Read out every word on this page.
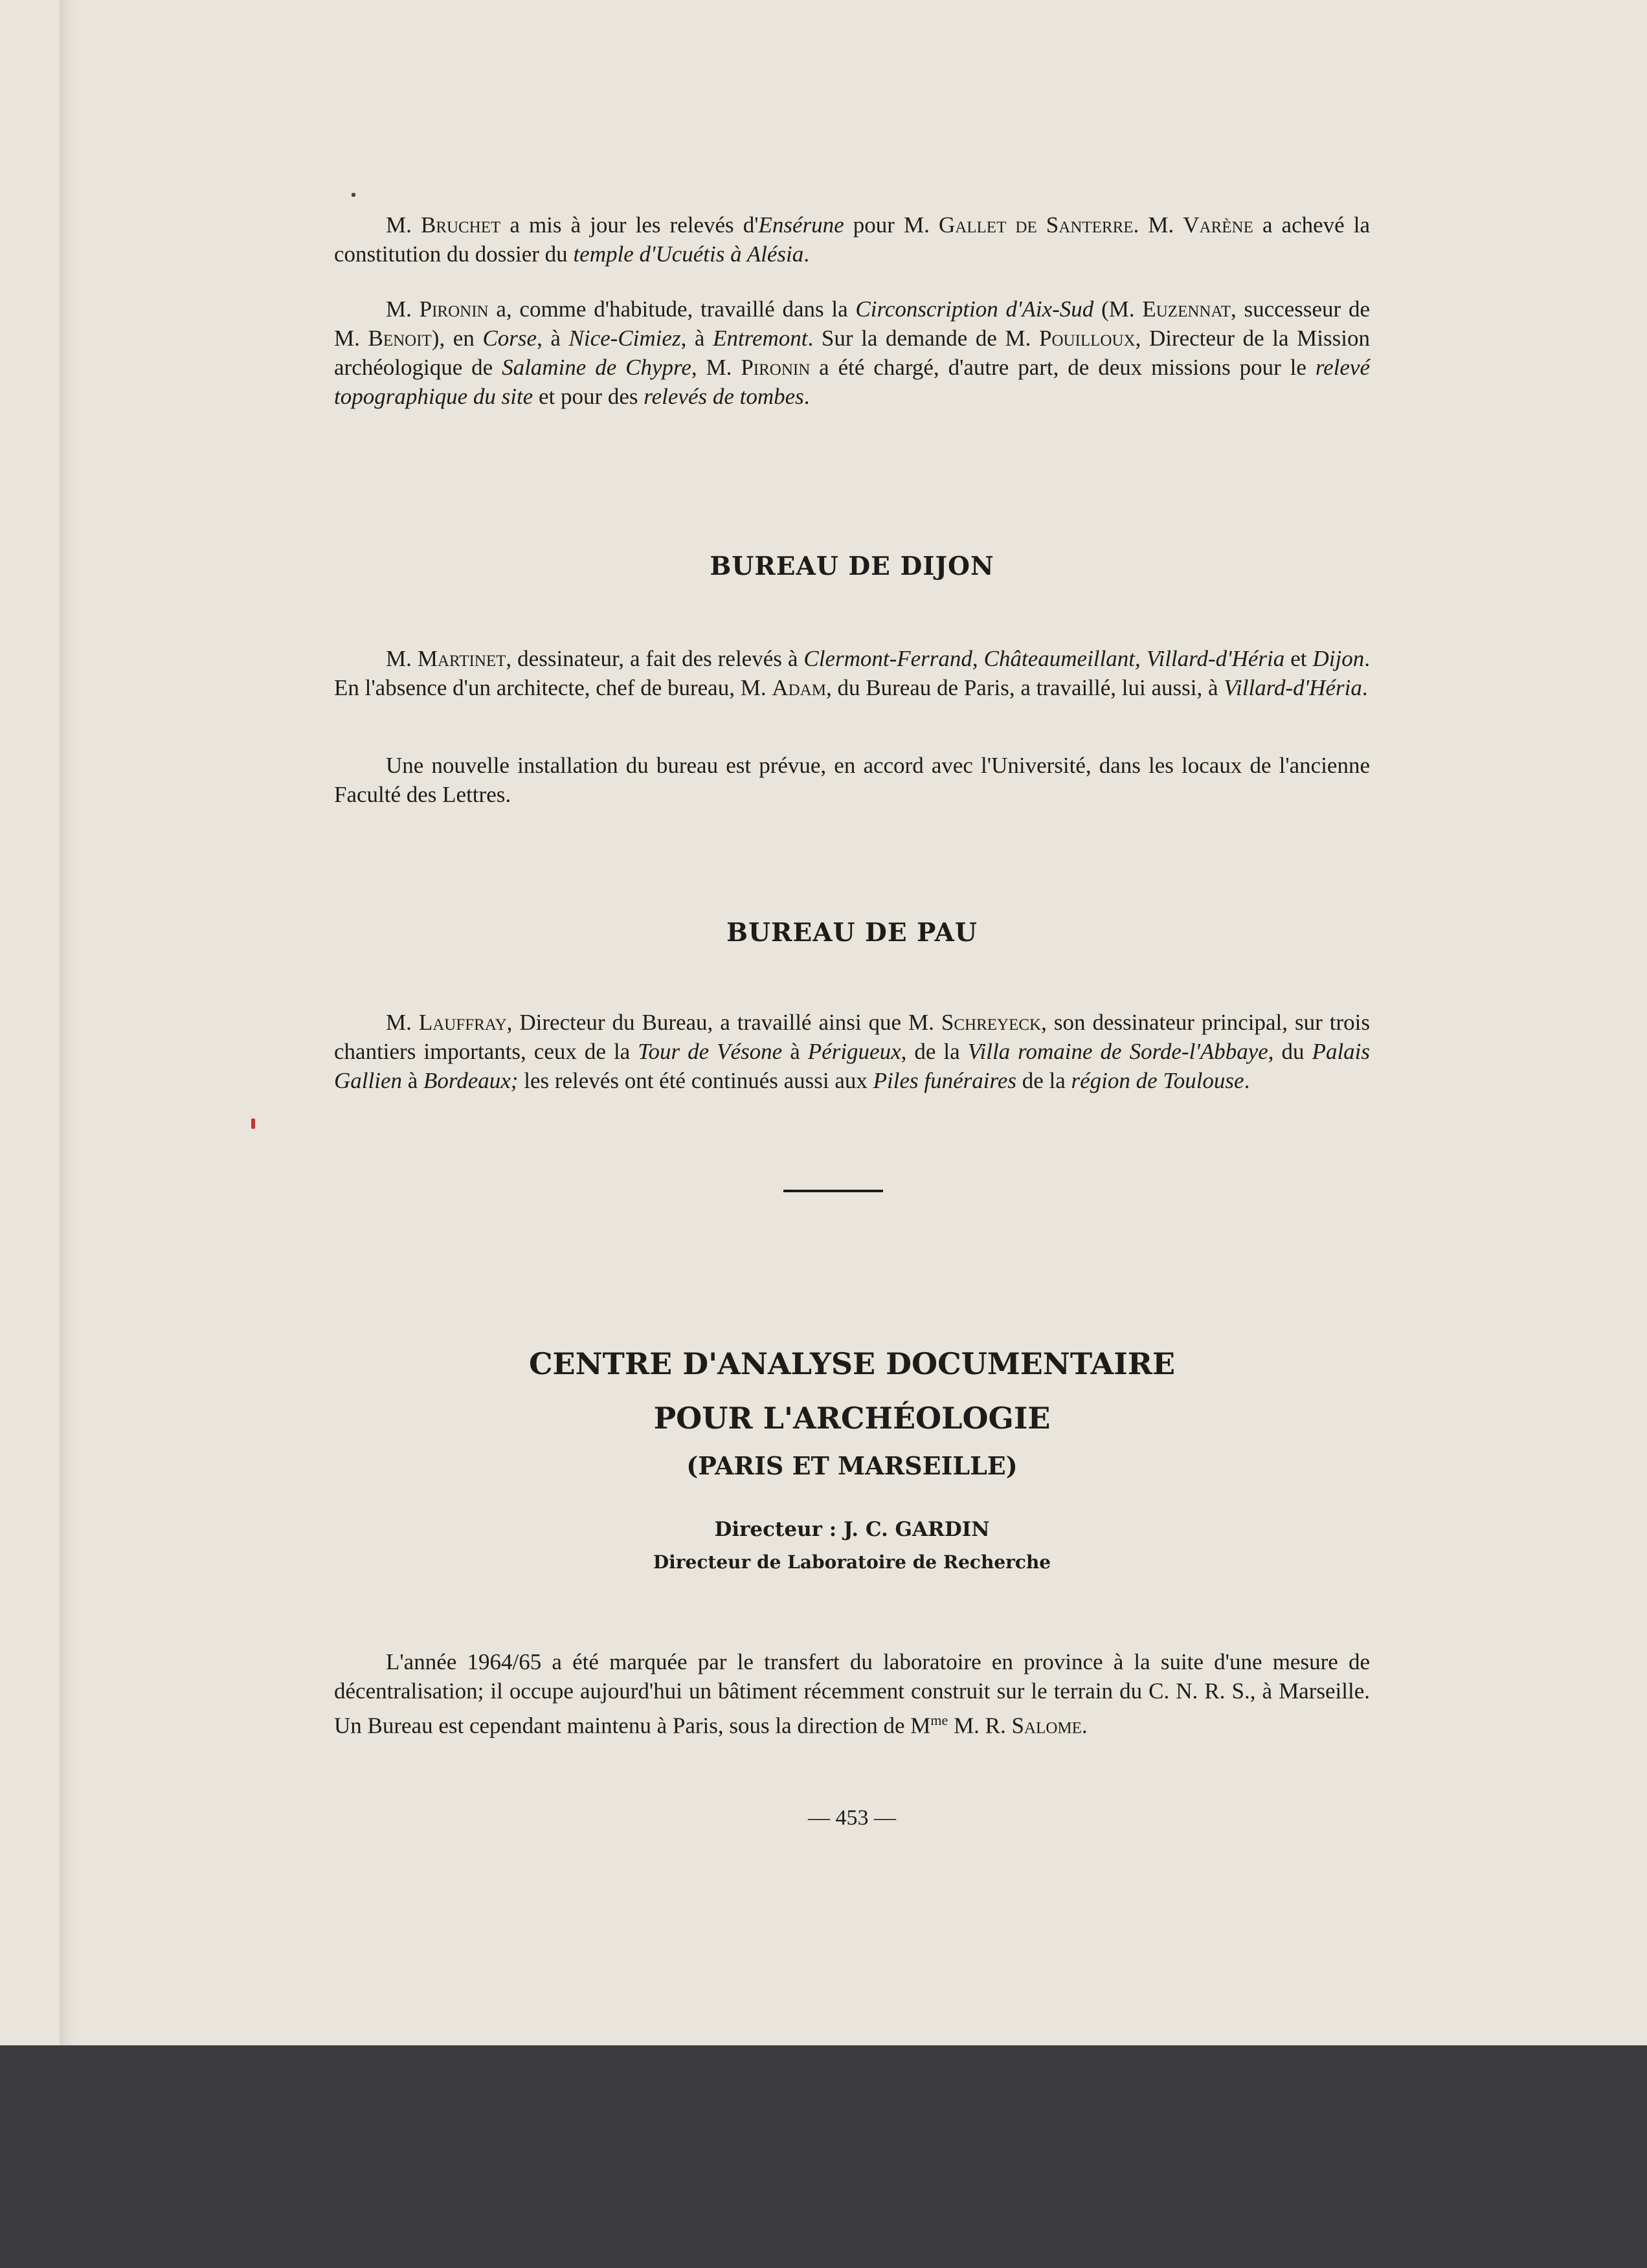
M. Bruchet a mis à jour les relevés d'Ensérune pour M. Gallet de Santerre. M. Varène a achevé la constitution du dossier du temple d'Ucuétis à Alésia.

M. Pironin a, comme d'habitude, travaillé dans la Circonscription d'Aix-Sud (M. Euzennat, successeur de M. Benoit), en Corse, à Nice-Cimiez, à Entremont. Sur la demande de M. Pouilloux, Directeur de la Mission archéologique de Salamine de Chypre, M. Pironin a été chargé, d'autre part, de deux missions pour le relevé topographique du site et pour des relevés de tombes.

BUREAU DE DIJON

M. Martinet, dessinateur, a fait des relevés à Clermont-Ferrand, Châteaumeillant, Villard-d'Héria et Dijon. En l'absence d'un architecte, chef de bureau, M. Adam, du Bureau de Paris, a travaillé, lui aussi, à Villard-d'Héria.

Une nouvelle installation du bureau est prévue, en accord avec l'Université, dans les locaux de l'ancienne Faculté des Lettres.

BUREAU DE PAU

M. Lauffray, Directeur du Bureau, a travaillé ainsi que M. Schreyeck, son dessinateur principal, sur trois chantiers importants, ceux de la Tour de Vésone à Périgueux, de la Villa romaine de Sorde-l'Abbaye, du Palais Gallien à Bordeaux; les relevés ont été continués aussi aux Piles funéraires de la région de Toulouse.

CENTRE D'ANALYSE DOCUMENTAIRE

POUR L'ARCHÉOLOGIE

(PARIS ET MARSEILLE)

Directeur : J. C. GARDIN

Directeur de Laboratoire de Recherche

L'année 1964/65 a été marquée par le transfert du laboratoire en province à la suite d'une mesure de décentralisation; il occupe aujourd'hui un bâtiment récemment construit sur le terrain du C. N. R. S., à Marseille. Un Bureau est cependant maintenu à Paris, sous la direction de $M^{me}$ M. R. Salome.

— 453 —
